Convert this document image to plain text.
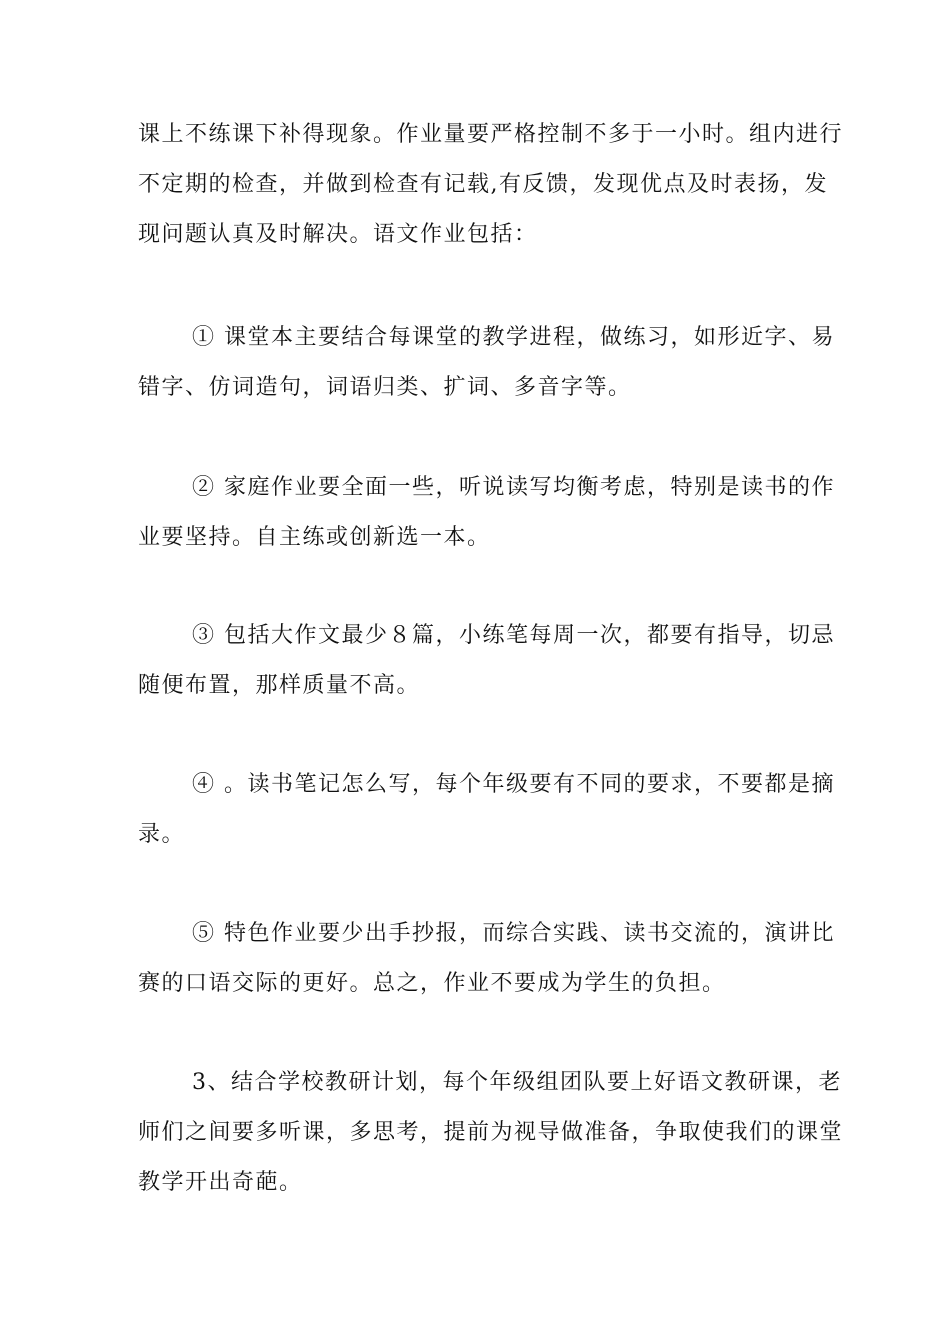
课上不练课下补得现象。作业量要严格控制不多于一小时。组内进行
不定期的检查，并做到检查有记载,有反馈，发现优点及时表扬，发
现问题认真及时解决。语文作业包括：

① 课堂本主要结合每课堂的教学进程，做练习，如形近字、易
错字、仿词造句，词语归类、扩词、多音字等。

② 家庭作业要全面一些，听说读写均衡考虑，特别是读书的作
业要坚持。自主练或创新选一本。

③ 包括大作文最少８篇，小练笔每周一次，都要有指导，切忌
随便布置，那样质量不高。

④ 。读书笔记怎么写，每个年级要有不同的要求，不要都是摘
录。

⑤ 特色作业要少出手抄报，而综合实践、读书交流的，演讲比
赛的口语交际的更好。总之，作业不要成为学生的负担。

3、结合学校教研计划，每个年级组团队要上好语文教研课，老
师们之间要多听课，多思考，提前为视导做准备，争取使我们的课堂
教学开出奇葩。
